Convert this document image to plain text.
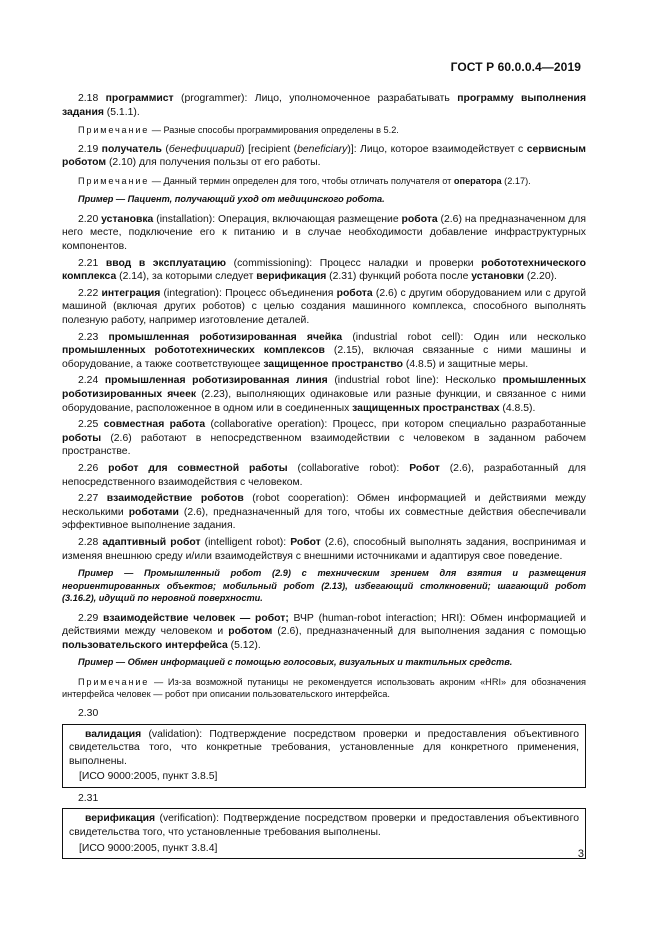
ГОСТ Р 60.0.0.4—2019

2.18 программист (programmer): Лицо, уполномоченное разрабатывать программу выполнения задания (5.1.1).

Примечание — Разные способы программирования определены в 5.2.

2.19 получатель (бенефициарий) [recipient (beneficiary)]: Лицо, которое взаимодействует с сервисным роботом (2.10) для получения пользы от его работы.

Примечание — Данный термин определен для того, чтобы отличать получателя от оператора (2.17).

Пример — Пациент, получающий уход от медицинского робота.

2.20 установка (installation): Операция, включающая размещение робота (2.6) на предназначенном для него месте, подключение его к питанию и в случае необходимости добавление инфраструктурных компонентов.

2.21 ввод в эксплуатацию (commissioning): Процесс наладки и проверки робототехнического комплекса (2.14), за которыми следует верификация (2.31) функций робота после установки (2.20).

2.22 интеграция (integration): Процесс объединения робота (2.6) с другим оборудованием или с другой машиной (включая других роботов) с целью создания машинного комплекса, способного выполнять полезную работу, например изготовление деталей.

2.23 промышленная роботизированная ячейка (industrial robot cell): Один или несколько промышленных робототехнических комплексов (2.15), включая связанные с ними машины и оборудование, а также соответствующее защищенное пространство (4.8.5) и защитные меры.

2.24 промышленная роботизированная линия (industrial robot line): Несколько промышленных роботизированных ячеек (2.23), выполняющих одинаковые или разные функции, и связанное с ними оборудование, расположенное в одном или в соединенных защищенных пространствах (4.8.5).

2.25 совместная работа (collaborative operation): Процесс, при котором специально разработанные роботы (2.6) работают в непосредственном взаимодействии с человеком в заданном рабочем пространстве.

2.26 робот для совместной работы (collaborative robot): Робот (2.6), разработанный для непосредственного взаимодействия с человеком.

2.27 взаимодействие роботов (robot cooperation): Обмен информацией и действиями между несколькими роботами (2.6), предназначенный для того, чтобы их совместные действия обеспечивали эффективное выполнение задания.

2.28 адаптивный робот (intelligent robot): Робот (2.6), способный выполнять задания, воспринимая и изменяя внешнюю среду и/или взаимодействуя с внешними источниками и адаптируя свое поведение.

Пример — Промышленный робот (2.9) с техническим зрением для взятия и размещения неориентированных объектов; мобильный робот (2.13), избегающий столкновений; шагающий робот (3.16.2), идущий по неровной поверхности.

2.29 взаимодействие человек — робот; ВЧР (human-robot interaction; HRI): Обмен информацией и действиями между человеком и роботом (2.6), предназначенный для выполнения задания с помощью пользовательского интерфейса (5.12).

Пример — Обмен информацией с помощью голосовых, визуальных и тактильных средств.

Примечание — Из-за возможной путаницы не рекомендуется использовать акроним «HRI» для обозначения интерфейса человек — робот при описании пользовательского интерфейса.

2.30

валидация (validation): Подтверждение посредством проверки и предоставления объективного свидетельства того, что конкретные требования, установленные для конкретного применения, выполнены.

[ИСО 9000:2005, пункт 3.8.5]

2.31

верификация (verification): Подтверждение посредством проверки и предоставления объективного свидетельства того, что установленные требования выполнены.

[ИСО 9000:2005, пункт 3.8.4]	3
